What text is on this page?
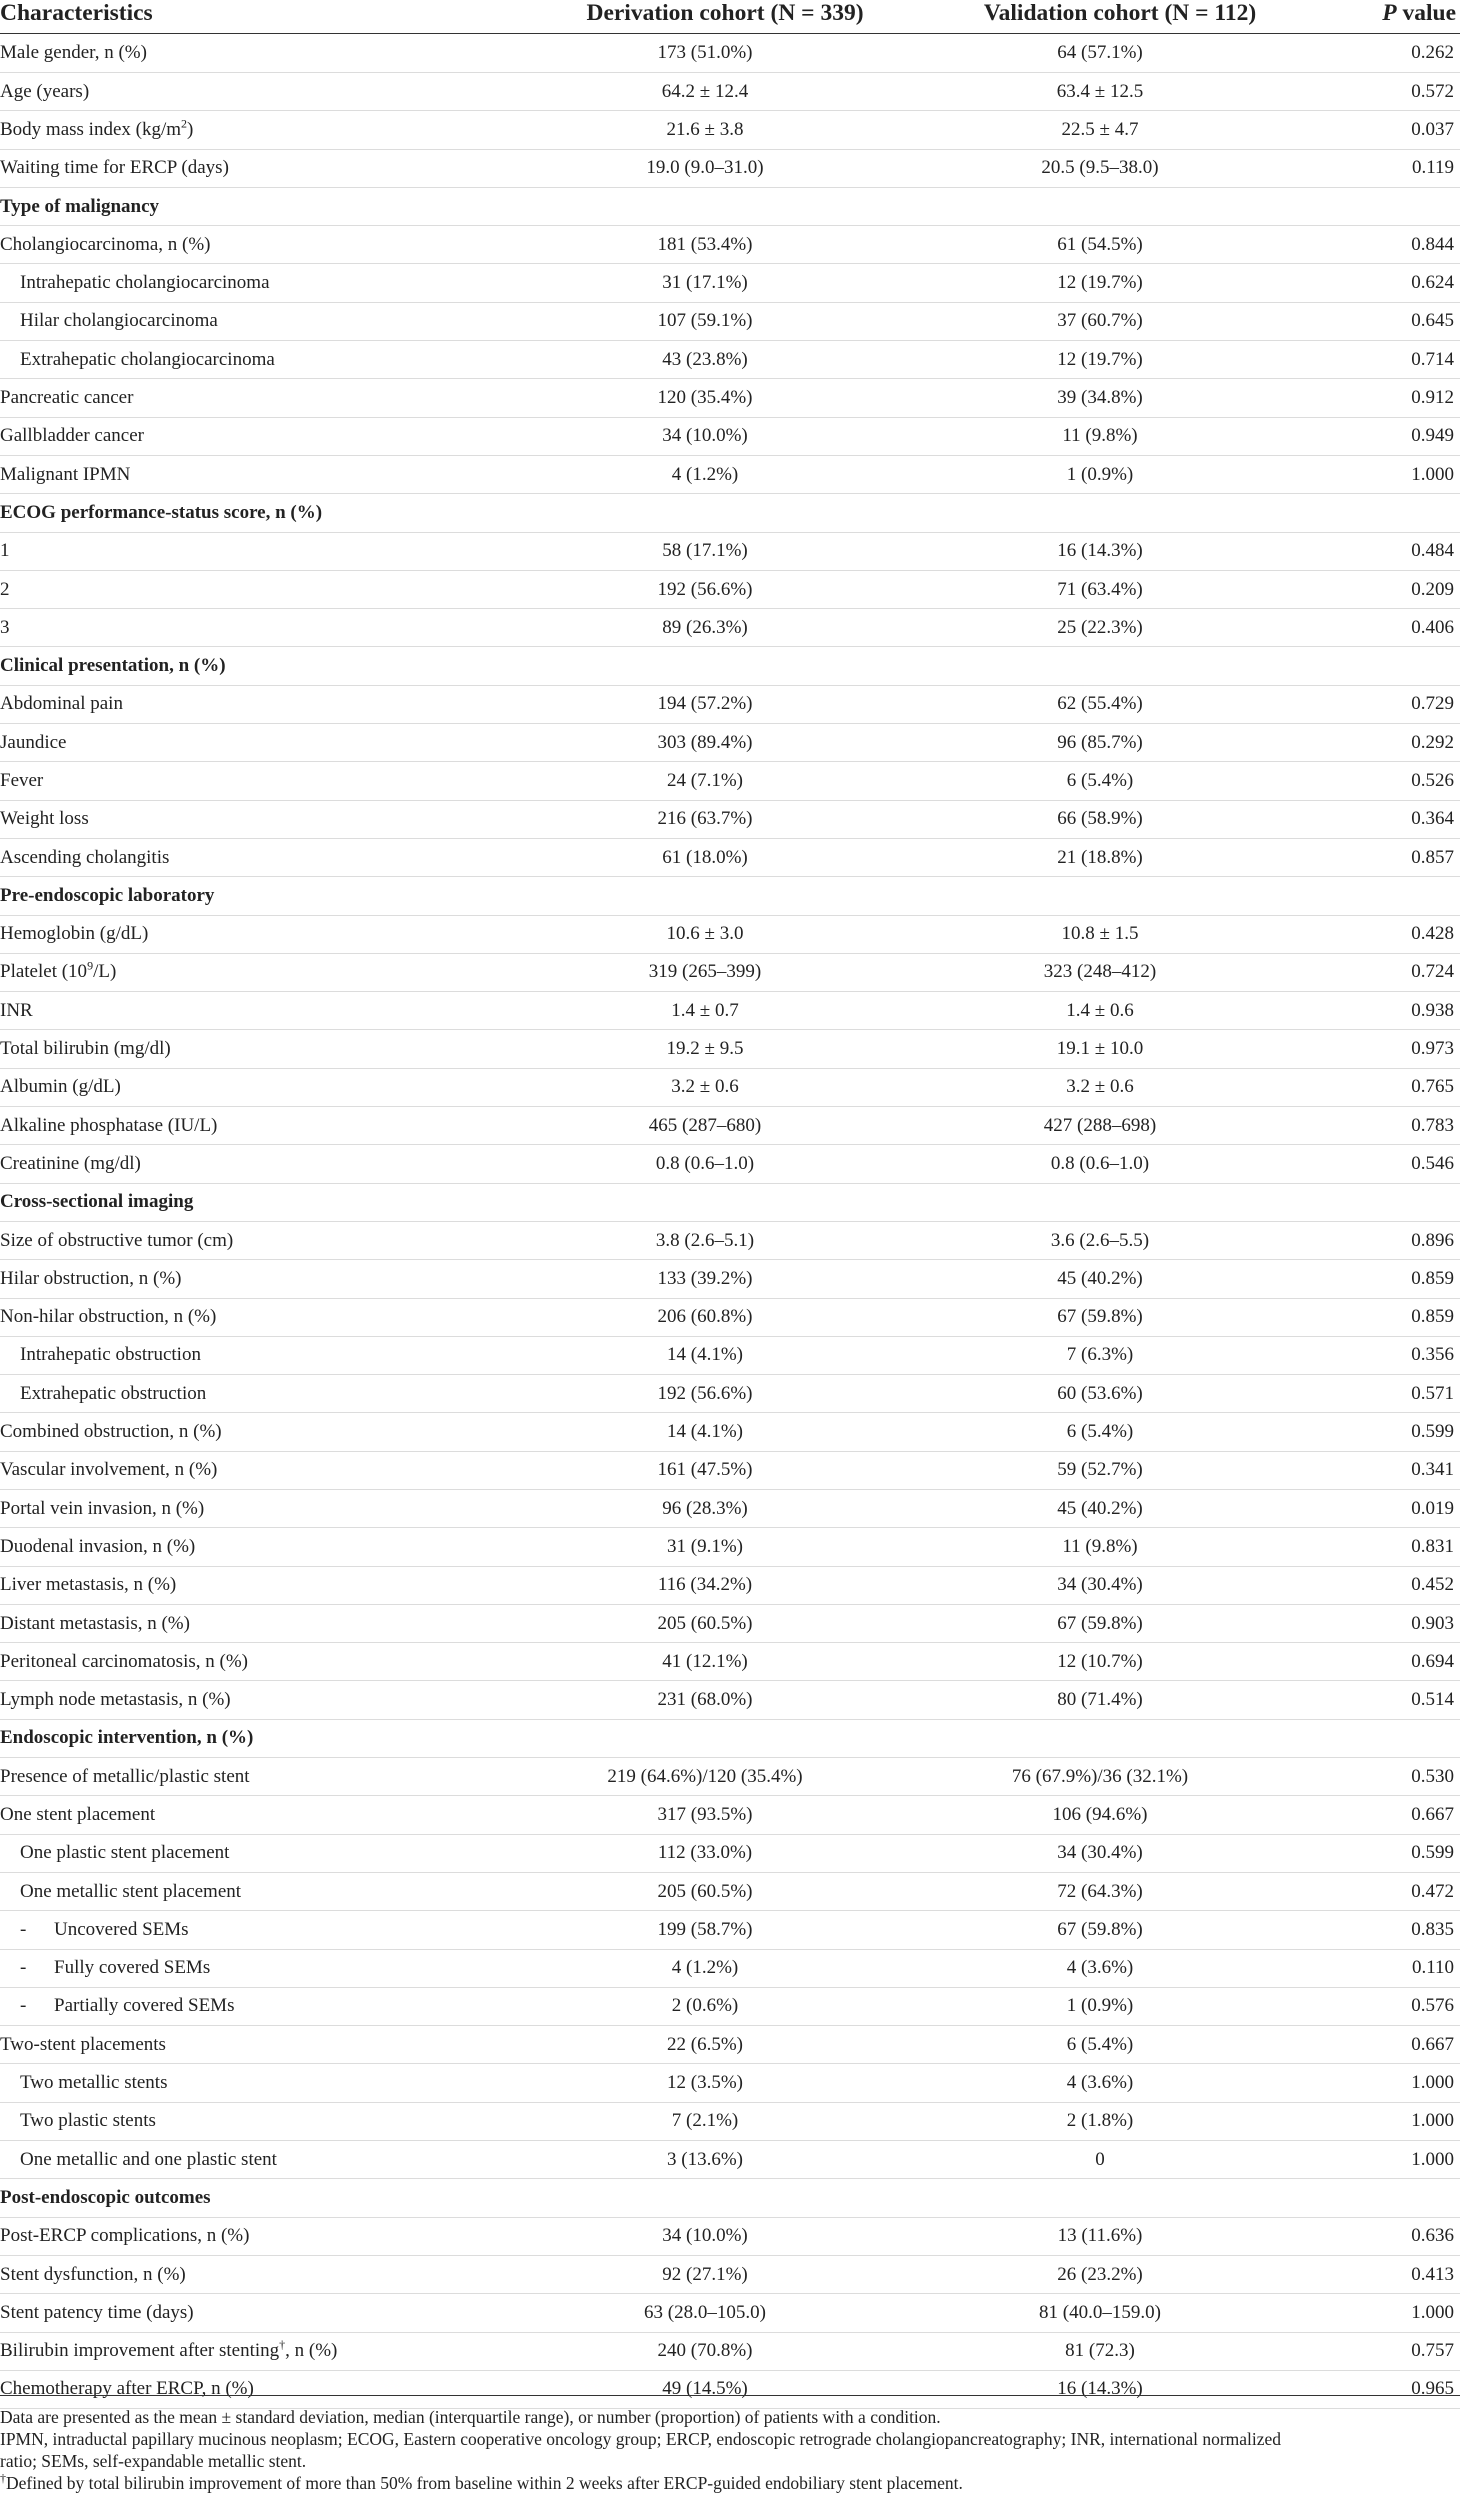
Characteristics	Derivation cohort (N = 339)	Validation cohort (N = 112)	P value
Male gender, n (%)	173 (51.0%)	64 (57.1%)	0.262
Age (years)	64.2 ± 12.4	63.4 ± 12.5	0.572
Body mass index $(kg/m^2)$	21.6 ± 3.8	22.5 ± 4.7	0.037
Waiting time for ERCP (days)	19.0 (9.0–31.0)	20.5 (9.5–38.0)	0.119
Type of malignancy			
Cholangiocarcinoma, n (%)	181 (53.4%)	61 (54.5%)	0.844
Intrahepatic cholangiocarcinoma	31 (17.1%)	12 (19.7%)	0.624
Hilar cholangiocarcinoma	107 (59.1%)	37 (60.7%)	0.645
Extrahepatic cholangiocarcinoma	43 (23.8%)	12 (19.7%)	0.714
Pancreatic cancer	120 (35.4%)	39 (34.8%)	0.912
Gallbladder cancer	34 (10.0%)	11 (9.8%)	0.949
Malignant IPMN	4 (1.2%)	1 (0.9%)	1.000
ECOG performance-status score, n (%)			
1	58 (17.1%)	16 (14.3%)	0.484
2	192 (56.6%)	71 (63.4%)	0.209
3	89 (26.3%)	25 (22.3%)	0.406
Clinical presentation, n (%)			
Abdominal pain	194 (57.2%)	62 (55.4%)	0.729
Jaundice	303 (89.4%)	96 (85.7%)	0.292
Fever	24 (7.1%)	6 (5.4%)	0.526
Weight loss	216 (63.7%)	66 (58.9%)	0.364
Ascending cholangitis	61 (18.0%)	21 (18.8%)	0.857
Pre-endoscopic laboratory			
Hemoglobin (g/dL)	10.6 ± 3.0	10.8 ± 1.5	0.428
Platelet $(10^9/L)$	319 (265–399)	323 (248–412)	0.724
INR	1.4 ± 0.7	1.4 ± 0.6	0.938
Total bilirubin (mg/dl)	19.2 ± 9.5	19.1 ± 10.0	0.973
Albumin (g/dL)	3.2 ± 0.6	3.2 ± 0.6	0.765
Alkaline phosphatase (IU/L)	465 (287–680)	427 (288–698)	0.783
Creatinine (mg/dl)	0.8 (0.6–1.0)	0.8 (0.6–1.0)	0.546
Cross-sectional imaging			
Size of obstructive tumor (cm)	3.8 (2.6–5.1)	3.6 (2.6–5.5)	0.896
Hilar obstruction, n (%)	133 (39.2%)	45 (40.2%)	0.859
Non-hilar obstruction, n (%)	206 (60.8%)	67 (59.8%)	0.859
Intrahepatic obstruction	14 (4.1%)	7 (6.3%)	0.356
Extrahepatic obstruction	192 (56.6%)	60 (53.6%)	0.571
Combined obstruction, n (%)	14 (4.1%)	6 (5.4%)	0.599
Vascular involvement, n (%)	161 (47.5%)	59 (52.7%)	0.341
Portal vein invasion, n (%)	96 (28.3%)	45 (40.2%)	0.019
Duodenal invasion, n (%)	31 (9.1%)	11 (9.8%)	0.831
Liver metastasis, n (%)	116 (34.2%)	34 (30.4%)	0.452
Distant metastasis, n (%)	205 (60.5%)	67 (59.8%)	0.903
Peritoneal carcinomatosis, n (%)	41 (12.1%)	12 (10.7%)	0.694
Lymph node metastasis, n (%)	231 (68.0%)	80 (71.4%)	0.514
Endoscopic intervention, n (%)			
Presence of metallic/plastic stent	219 (64.6%)/120 (35.4%)	76 (67.9%)/36 (32.1%)	0.530
One stent placement	317 (93.5%)	106 (94.6%)	0.667
One plastic stent placement	112 (33.0%)	34 (30.4%)	0.599
One metallic stent placement	205 (60.5%)	72 (64.3%)	0.472
- Uncovered SEMs	199 (58.7%)	67 (59.8%)	0.835
- Fully covered SEMs	4 (1.2%)	4 (3.6%)	0.110
- Partially covered SEMs	2 (0.6%)	1 (0.9%)	0.576
Two-stent placements	22 (6.5%)	6 (5.4%)	0.667
Two metallic stents	12 (3.5%)	4 (3.6%)	1.000
Two plastic stents	7 (2.1%)	2 (1.8%)	1.000
One metallic and one plastic stent	3 (13.6%)	0	1.000
Post-endoscopic outcomes			
Post-ERCP complications, n (%)	34 (10.0%)	13 (11.6%)	0.636
Stent dysfunction, n (%)	92 (27.1%)	26 (23.2%)	0.413
Stent patency time (days)	63 (28.0–105.0)	81 (40.0–159.0)	1.000
Bilirubin improvement after stenting†, n (%)	240 (70.8%)	81 (72.3)	0.757
Chemotherapy after ERCP, n (%)	49 (14.5%)	16 (14.3%)	0.965

Data are presented as the mean ± standard deviation, median (interquartile range), or number (proportion) of patients with a condition.

IPMN, intraductal papillary mucinous neoplasm; ECOG, Eastern cooperative oncology group; ERCP, endoscopic retrograde cholangiopancreatography; INR, international normalized

ratio; SEMs, self-expandable metallic stent.

†Defined by total bilirubin improvement of more than 50% from baseline within 2 weeks after ERCP-guided endobiliary stent placement.
